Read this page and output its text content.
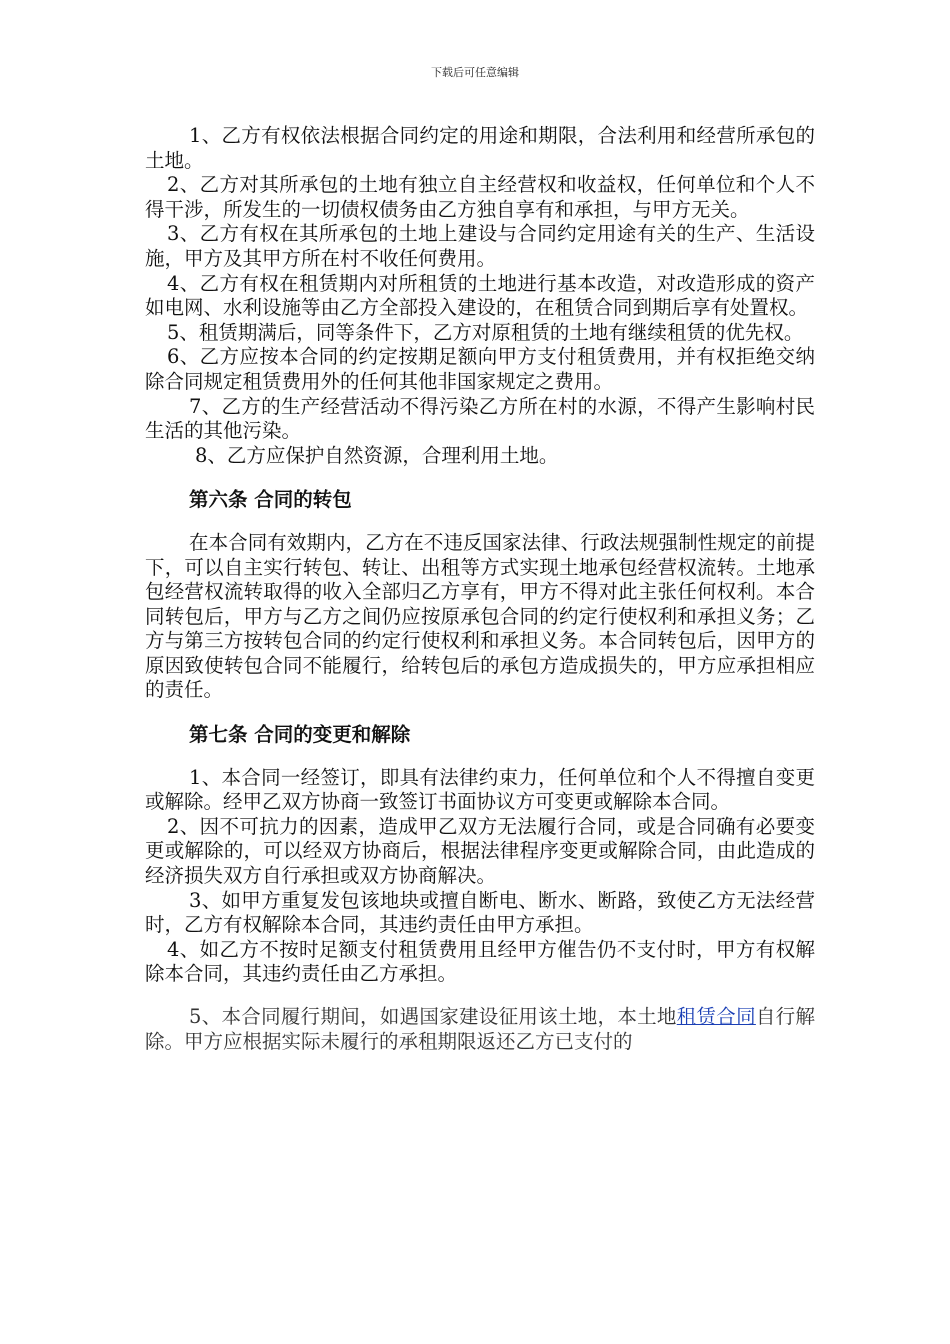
下载后可任意编辑

1、乙方有权依法根据合同约定的用途和期限，合法利用和经营所承包的土地。

2、乙方对其所承包的土地有独立自主经营权和收益权，任何单位和个人不得干涉，所发生的一切债权债务由乙方独自享有和承担，与甲方无关。

3、乙方有权在其所承包的土地上建设与合同约定用途有关的生产、生活设施，甲方及其甲方所在村不收任何费用。

4、乙方有权在租赁期内对所租赁的土地进行基本改造，对改造形成的资产如电网、水利设施等由乙方全部投入建设的，在租赁合同到期后享有处置权。

5、租赁期满后，同等条件下，乙方对原租赁的土地有继续租赁的优先权。

6、乙方应按本合同的约定按期足额向甲方支付租赁费用，并有权拒绝交纳除合同规定租赁费用外的任何其他非国家规定之费用。

7、乙方的生产经营活动不得污染乙方所在村的水源，不得产生影响村民生活的其他污染。

8、乙方应保护自然资源，合理利用土地。

第六条 合同的转包

在本合同有效期内，乙方在不违反国家法律、行政法规强制性规定的前提下，可以自主实行转包、转让、出租等方式实现土地承包经营权流转。土地承包经营权流转取得的收入全部归乙方享有，甲方不得对此主张任何权利。本合同转包后，甲方与乙方之间仍应按原承包合同的约定行使权利和承担义务；乙方与第三方按转包合同的约定行使权利和承担义务。本合同转包后，因甲方的原因致使转包合同不能履行，给转包后的承包方造成损失的，甲方应承担相应的责任。

第七条 合同的变更和解除

1、本合同一经签订，即具有法律约束力，任何单位和个人不得擅自变更或解除。经甲乙双方协商一致签订书面协议方可变更或解除本合同。

2、因不可抗力的因素，造成甲乙双方无法履行合同，或是合同确有必要变更或解除的，可以经双方协商后，根据法律程序变更或解除合同，由此造成的经济损失双方自行承担或双方协商解决。

3、如甲方重复发包该地块或擅自断电、断水、断路，致使乙方无法经营时，乙方有权解除本合同，其违约责任由甲方承担。

4、如乙方不按时足额支付租赁费用且经甲方催告仍不支付时，甲方有权解除本合同，其违约责任由乙方承担。

5、本合同履行期间，如遇国家建设征用该土地，本土地租赁合同自行解除。甲方应根据实际未履行的承租期限返还乙方已支付的
